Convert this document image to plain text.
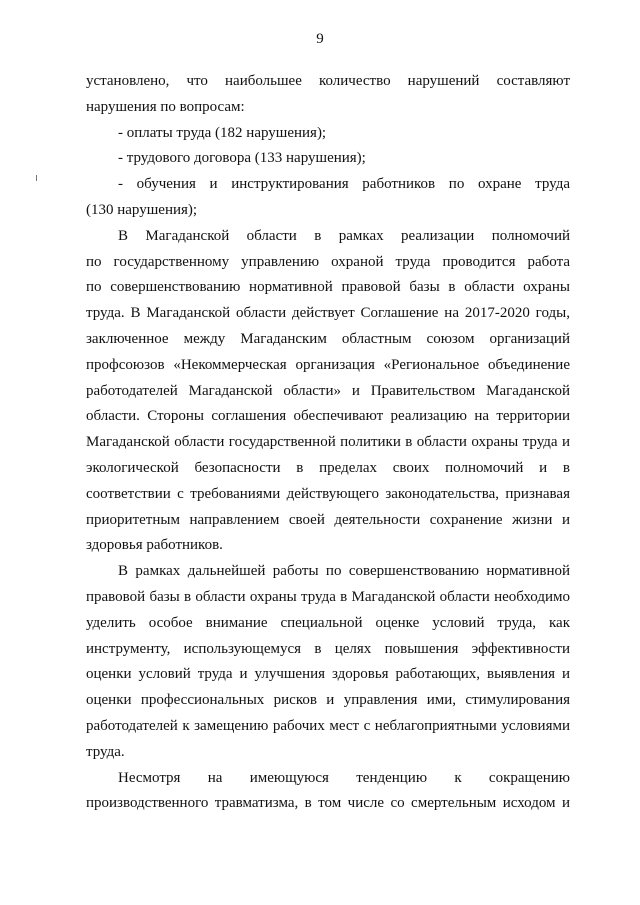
9
установлено, что наибольшее количество нарушений составляют
нарушения по вопросам:
- оплаты труда (182 нарушения);
- трудового договора (133 нарушения);
- обучения и инструктирования работников по охране труда
(130 нарушения);
В Магаданской области в рамках реализации полномочий
по государственному управлению охраной труда проводится работа
по совершенствованию нормативной правовой базы в области охраны
труда. В Магаданской области действует Соглашение на 2017-2020 годы,
заключенное между Магаданским областным союзом организаций
профсоюзов «Некоммерческая организация «Региональное объединение
работодателей Магаданской области» и Правительством Магаданской
области. Стороны соглашения обеспечивают реализацию на территории
Магаданской области государственной политики в области охраны труда и
экологической безопасности в пределах своих полномочий и в
соответствии с требованиями действующего законодательства, признавая
приоритетным направлением своей деятельности сохранение жизни и
здоровья работников.
В рамках дальнейшей работы по совершенствованию нормативной
правовой базы в области охраны труда в Магаданской области необходимо
уделить особое внимание специальной оценке условий труда, как
инструменту, использующемуся в целях повышения эффективности
оценки условий труда и улучшения здоровья работающих, выявления и
оценки профессиональных рисков и управления ими, стимулирования
работодателей к замещению рабочих мест с неблагоприятными условиями
труда.
Несмотря на имеющуюся тенденцию к сокращению
производственного травматизма, в том числе со смертельным исходом и
